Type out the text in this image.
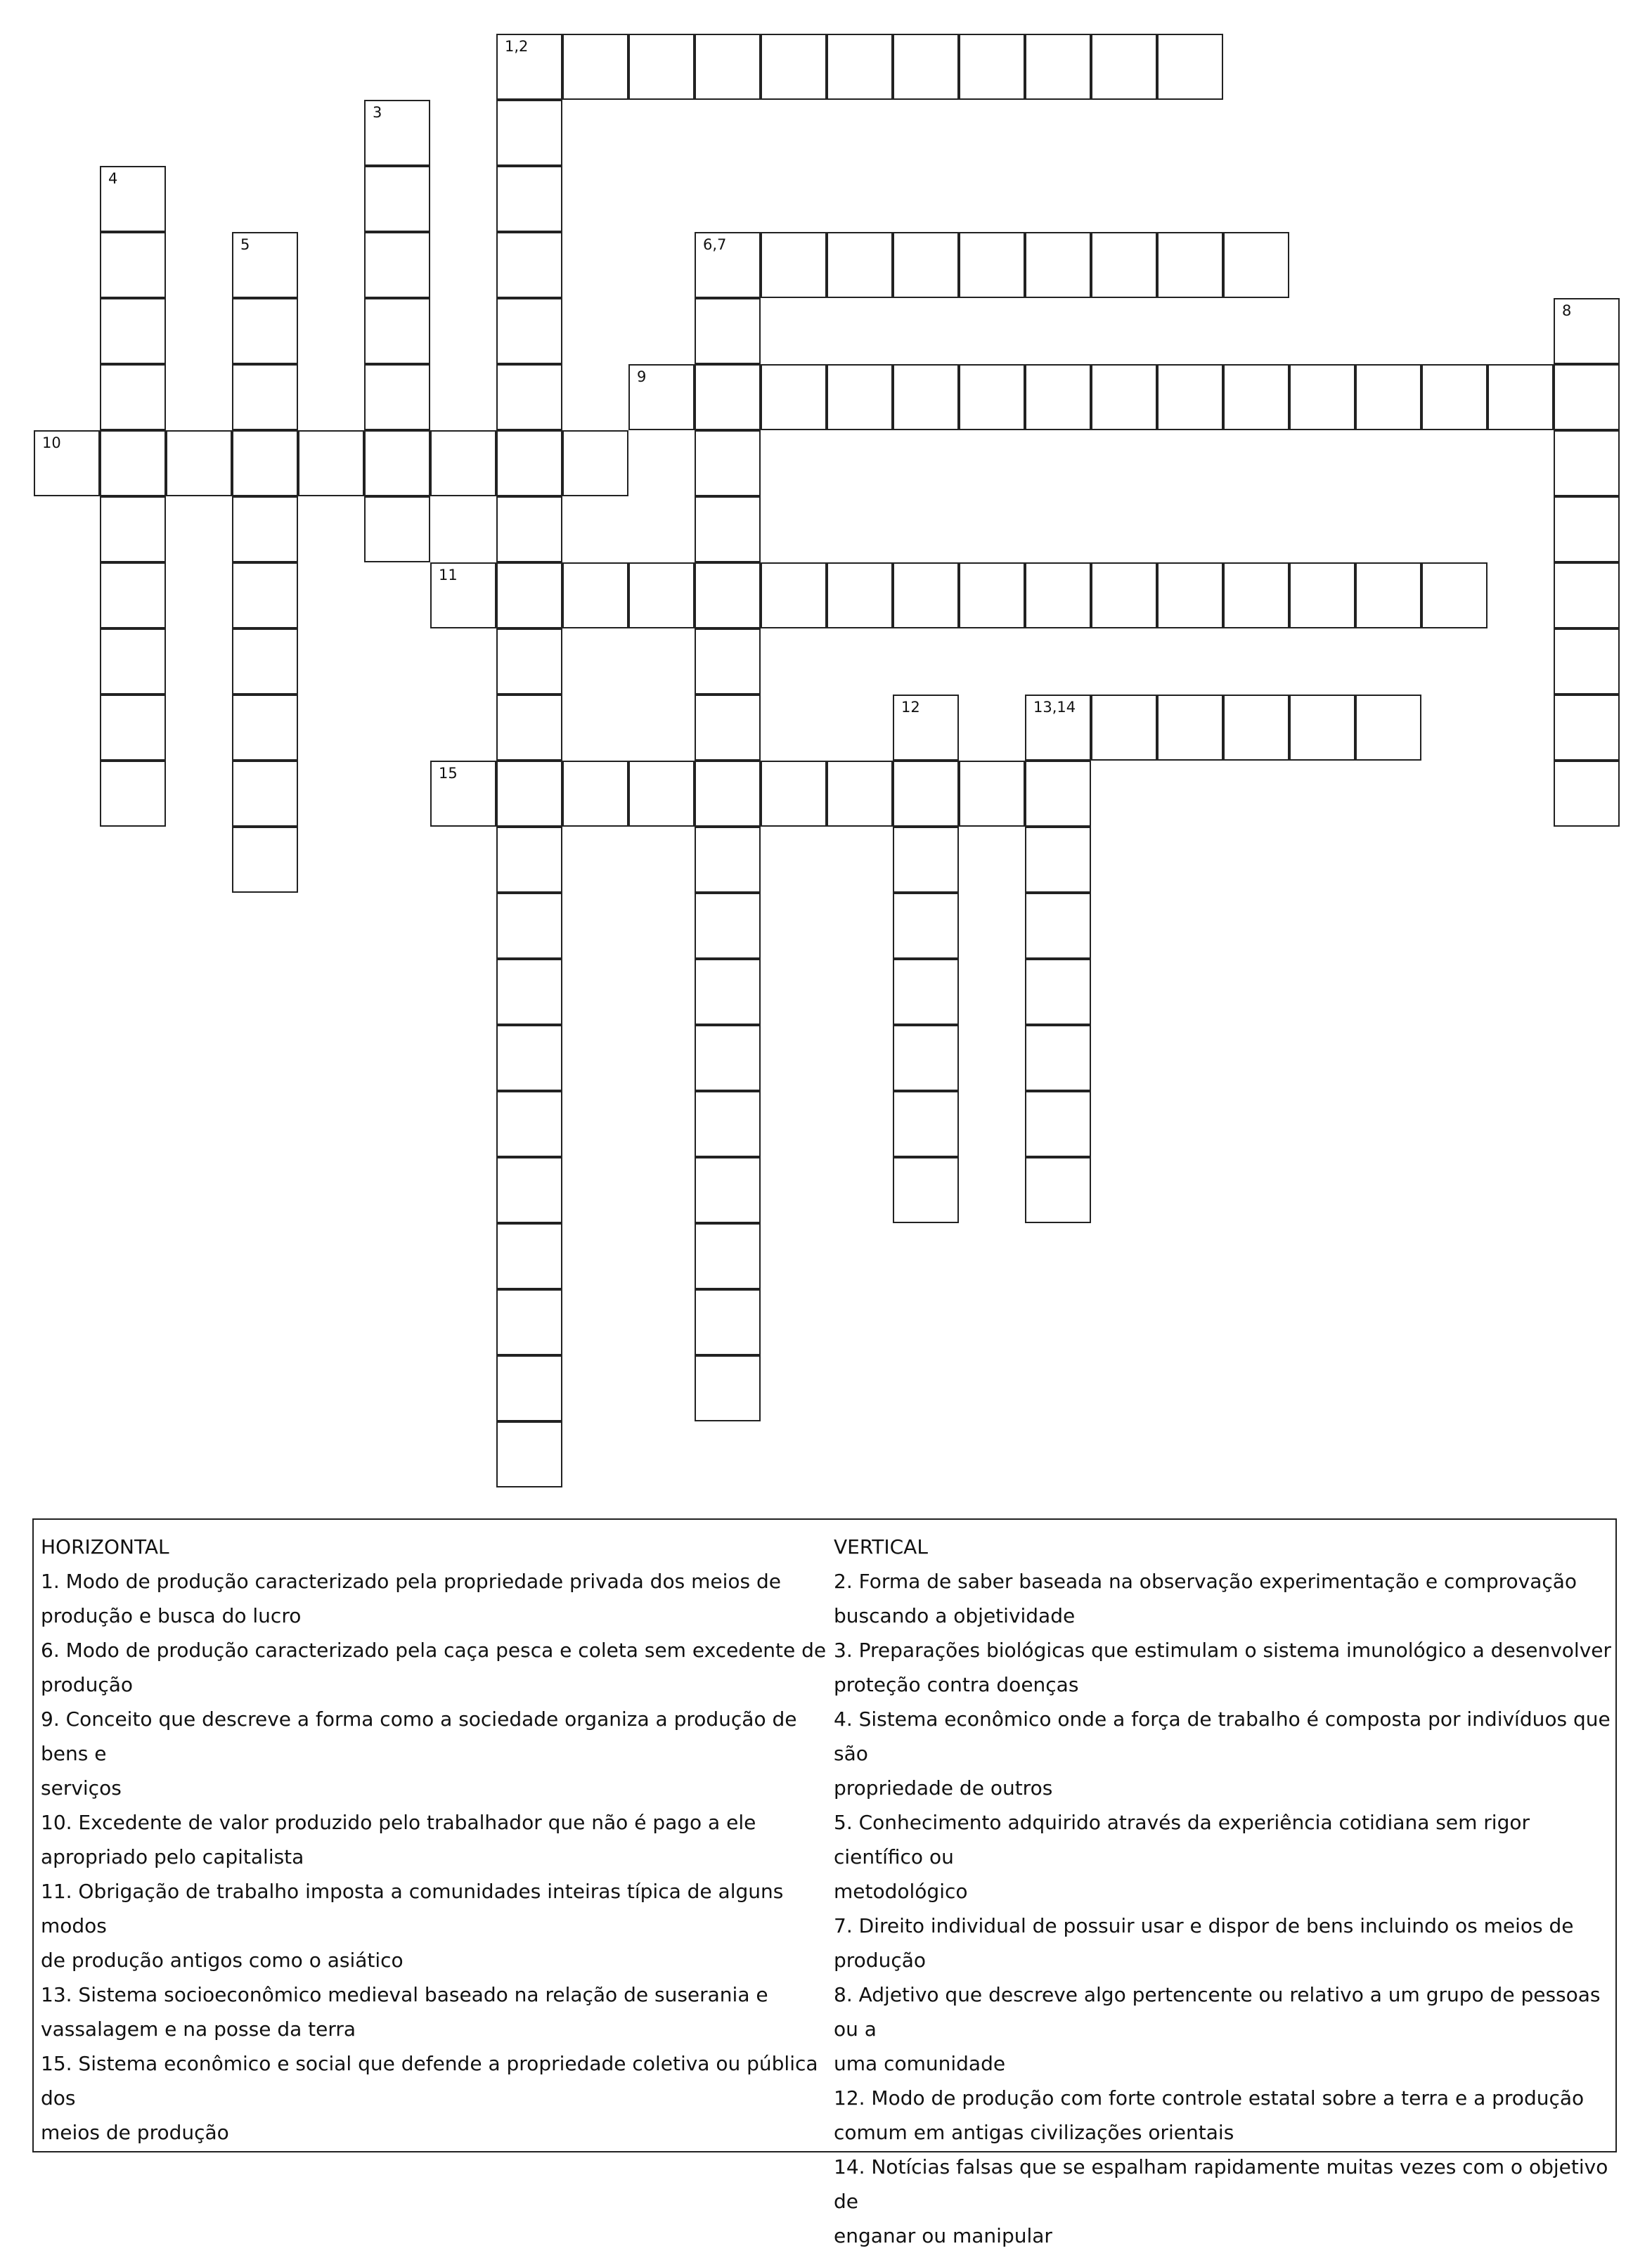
1,2
3
4
5	6,7
8
9
10
11
12	13,14
15
HORIZONTAL
1. Modo de produção caracterizado pela propriedade privada dos meios de
produção e busca do lucro
6. Modo de produção caracterizado pela caça pesca e coleta sem excedente de
produção
9. Conceito que descreve a forma como a sociedade organiza a produção de bens e
serviços
10. Excedente de valor produzido pelo trabalhador que não é pago a ele
apropriado pelo capitalista
11. Obrigação de trabalho imposta a comunidades inteiras típica de alguns modos
de produção antigos como o asiático
13. Sistema socioeconômico medieval baseado na relação de suserania e
vassalagem e na posse da terra
15. Sistema econômico e social que defende a propriedade coletiva ou pública dos
meios de produção
VERTICAL
2. Forma de saber baseada na observação experimentação e comprovação
buscando a objetividade
3. Preparações biológicas que estimulam o sistema imunológico a desenvolver
proteção contra doenças
4. Sistema econômico onde a força de trabalho é composta por indivíduos que são
propriedade de outros
5. Conhecimento adquirido através da experiência cotidiana sem rigor científico ou
metodológico
7. Direito individual de possuir usar e dispor de bens incluindo os meios de
produção
8. Adjetivo que descreve algo pertencente ou relativo a um grupo de pessoas ou a
uma comunidade
12. Modo de produção com forte controle estatal sobre a terra e a produção
comum em antigas civilizações orientais
14. Notícias falsas que se espalham rapidamente muitas vezes com o objetivo de
enganar ou manipular
